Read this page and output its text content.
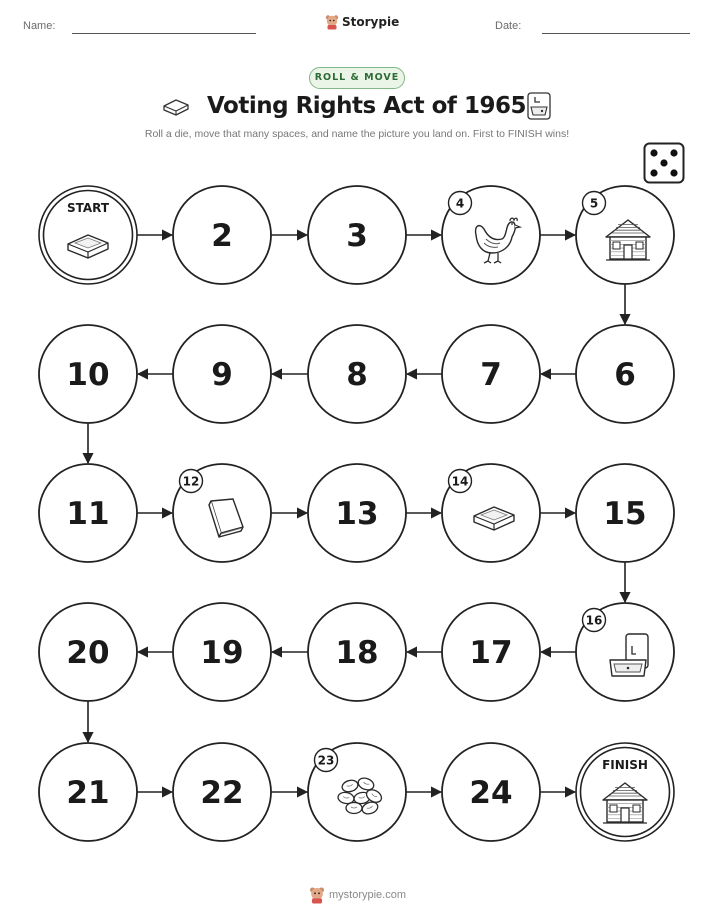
Name:	Storypie	Date:
ROLL & MOVE
Voting Rights Act of 1965
Roll a die, move that many spaces, and name the picture you land on. First to FINISH wins!
START
2	3
4	5
6
7
8
9
10
11
12
13
14
15
16
17
18
19
20
21	22
23
24
FINISH
mystorypie.com
